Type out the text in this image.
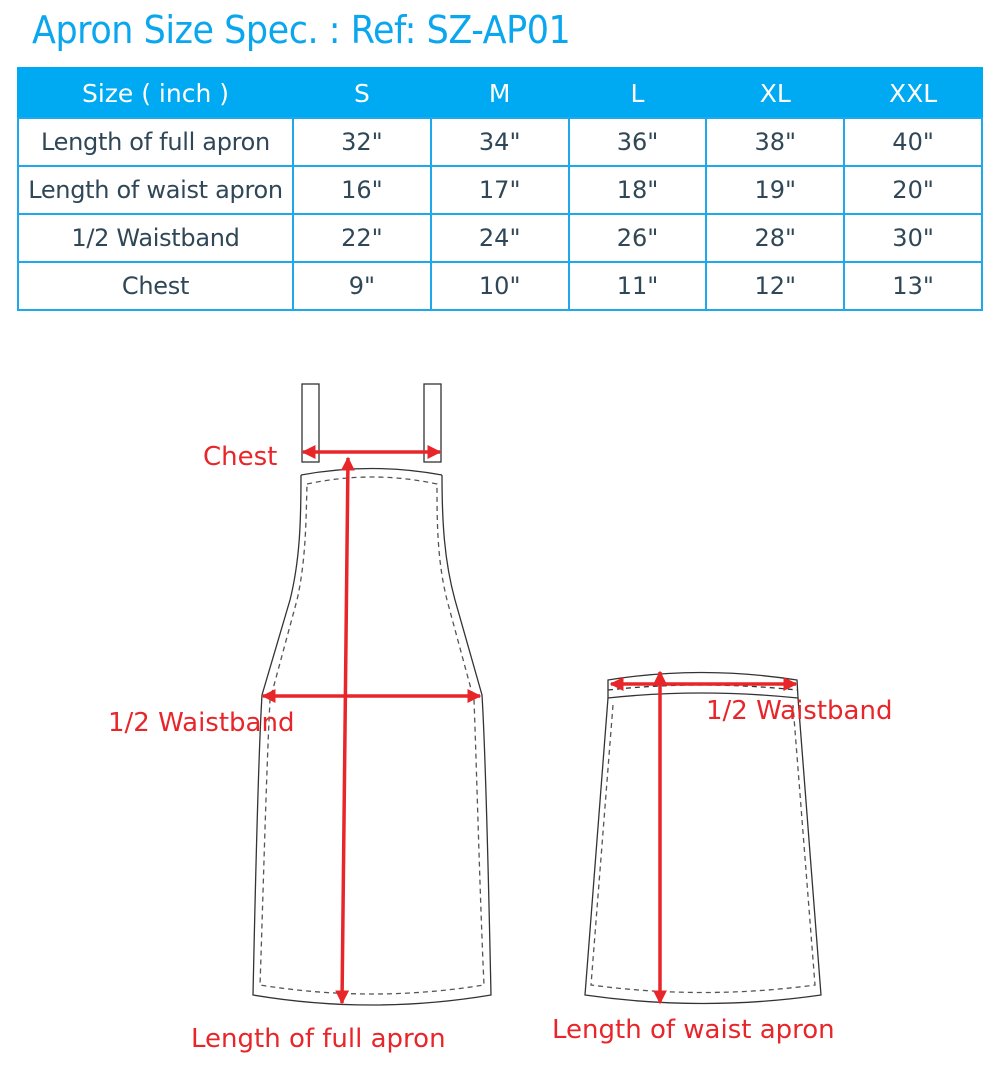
Apron Size Spec. : Ref: SZ-AP01
Size ( inch )	S	M	L	XL	XXL
Length of full apron	32"	34"	36"	38"	40"
Length of waist apron	16"	17"	18"	19"	20"
1/2 Waistband	22"	24"	26"	28"	30"
Chest	9"	10"	11"	12"	13"
Chest
1/2 Waistband
Length of full apron
1/2 Waistband
Length of waist apron
